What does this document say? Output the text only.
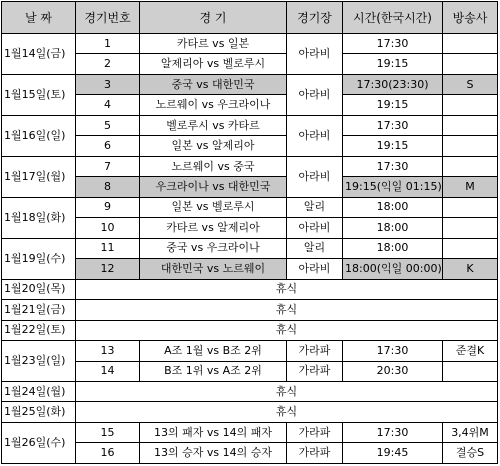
날 짜	경기번호	경 기	경기장	시간(한국시간)	방송사
1월14일(금)	1	카타르 vs 일본	아라비	17:30	
	2	알제리아 vs 벨로루시		19:15	
1월15일(토)	3	중국 vs 대한민국	아라비	17:30(23:30)	S
	4	노르웨이 vs 우크라이나		19:15	
1월16일(일)	5	벨로루시 vs 카타르	아라비	17:30	
	6	일본 vs 알제리아		19:15	
1월17일(월)	7	노르웨이 vs 중국	아라비	17:30	
	8	우크라이나 vs 대한민국		19:15(익일 01:15)	M
1월18일(화)	9	일본 vs 벨로루시	알리	18:00	
	10	카타르 vs 알제리아	아라비	18:00	
1월19일(수)	11	중국 vs 우크라이나	알리	18:00	
	12	대한민국 vs 노르웨이	아라비	18:00(익일 00:00)	K
1월20일(목)	휴식				
1월21일(금)	휴식				
1월22일(토)	휴식				
1월23일(일)	13	A조 1월 vs B조 2위	가라파	17:30	준결K
	14	B조 1위 vs A조 2위	가라파	20:30	
1월24일(월)	휴식				
1월25일(화)	휴식				
1월26일(수)	15	13의 패자 vs 14의 패자	가라파	17:30	3,4위M
	16	13의 승자 vs 14의 승자	가라파	19:45	결승S
